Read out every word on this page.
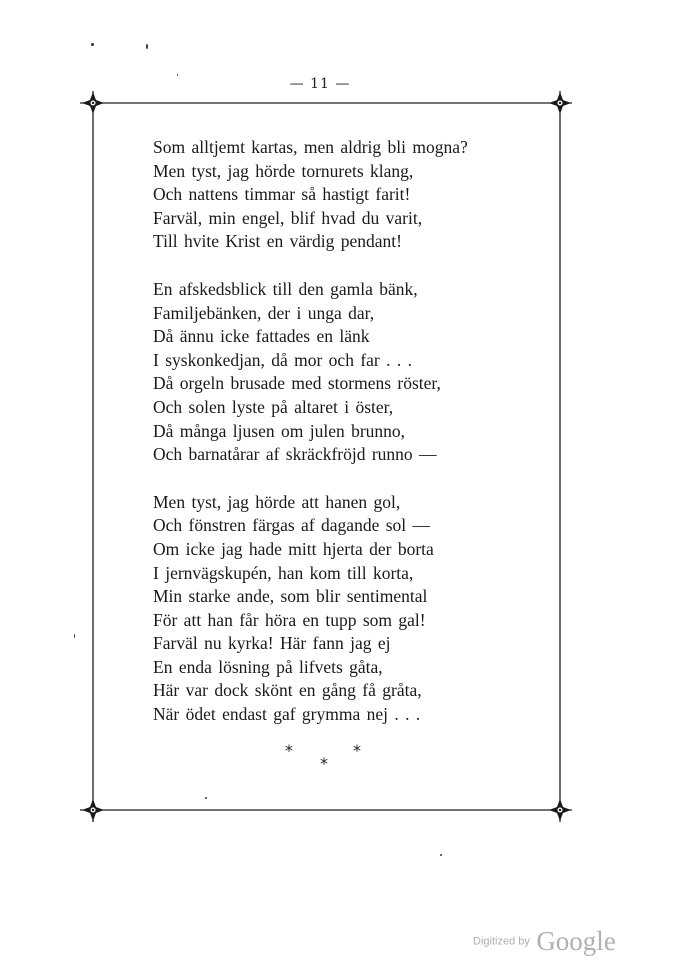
— 11 —
Som alltjemt kartas, men aldrig bli mogna?
Men tyst, jag hörde tornurets klang,
Och nattens timmar så hastigt farit!
Farväl, min engel, blif hvad du varit,
Till hvite Krist en värdig pendant!
En afskedsblick till den gamla bänk,
Familjebänken, der i unga dar,
Då ännu icke fattades en länk
I syskonkedjan, då mor och far . . .
Då orgeln brusade med stormens röster,
Och solen lyste på altaret i öster,
Då många ljusen om julen brunno,
Och barnatårar af skräckfröjd runno —
Men tyst, jag hörde att hanen gol,
Och fönstren färgas af dagande sol —
Om icke jag hade mitt hjerta der borta
I jernvägskupén, han kom till korta,
Min starke ande, som blir sentimental
För att han får höra en tupp som gal!
Farväl nu kyrka! Här fann jag ej
En enda lösning på lifvets gåta,
Här var dock skönt en gång få gråta,
När ödet endast gaf grymma nej . . .
*	*
*
Digitized by Google
